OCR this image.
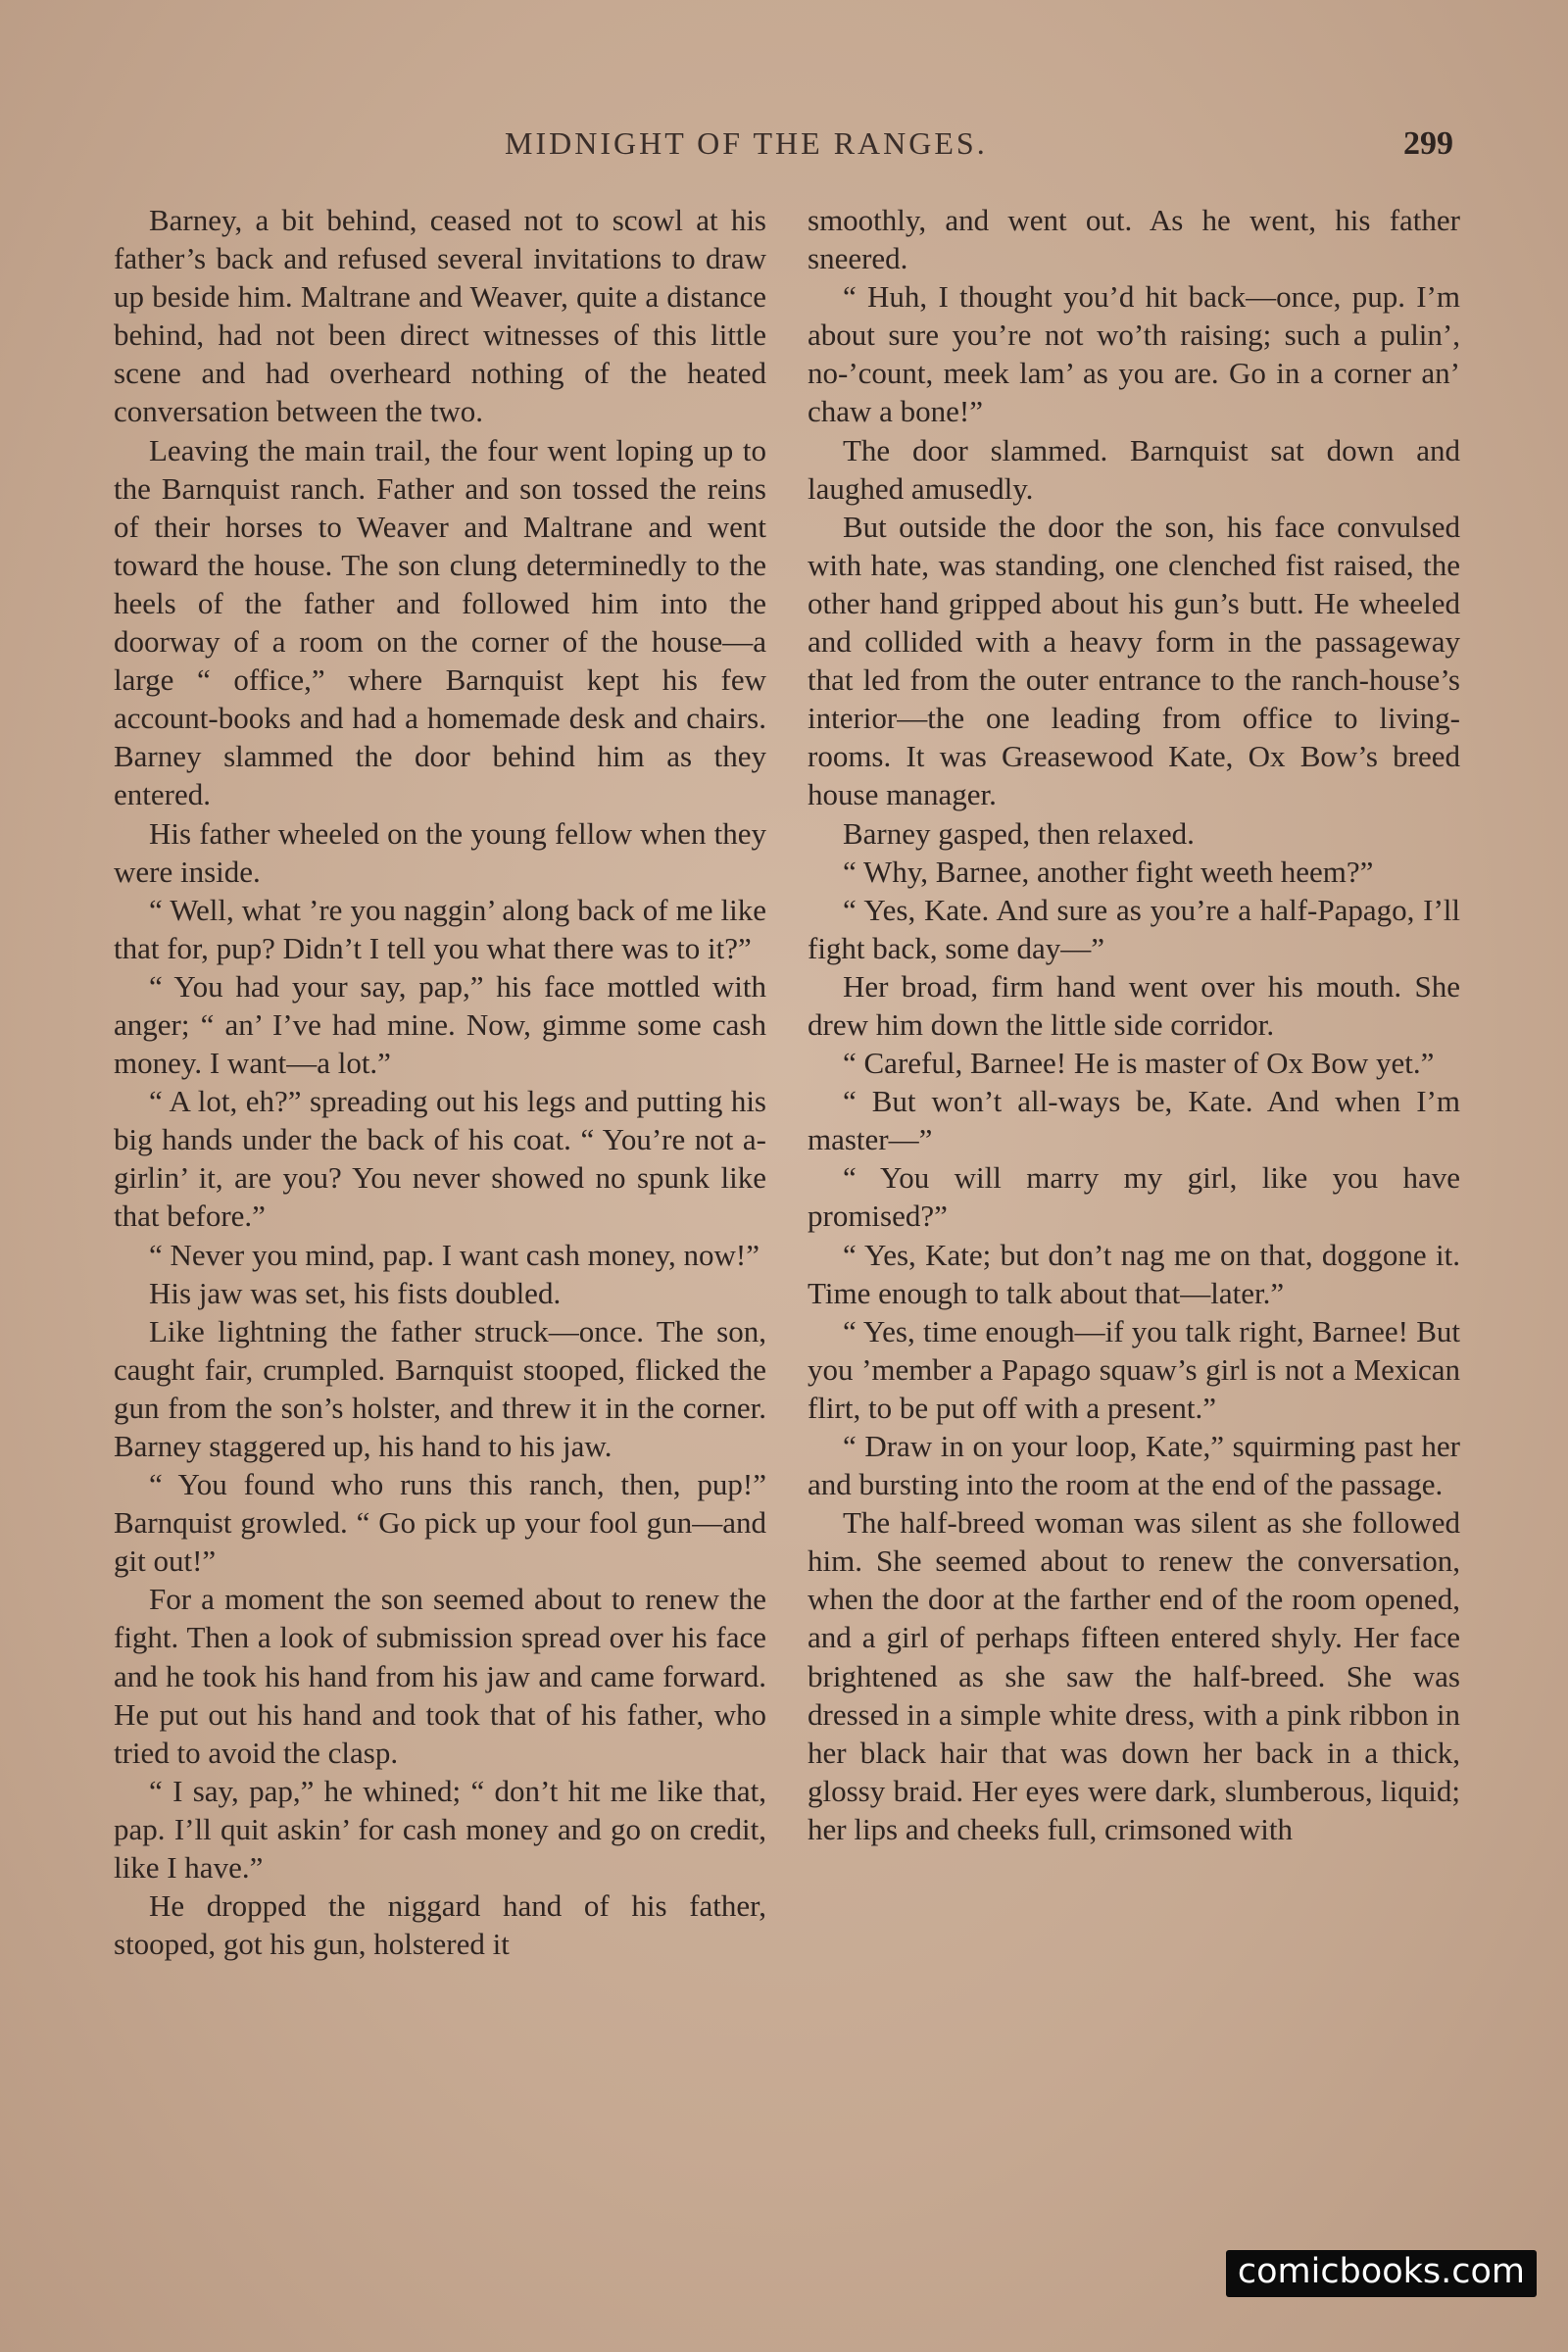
MIDNIGHT OF THE RANGES.	299

Barney, a bit behind, ceased not to scowl at his father’s back and refused several invitations to draw up beside him. Maltrane and Weaver, quite a distance behind, had not been direct witnesses of this little scene and had overheard nothing of the heated conversation between the two.

Leaving the main trail, the four went loping up to the Barnquist ranch. Father and son tossed the reins of their horses to Weaver and Maltrane and went toward the house. The son clung determinedly to the heels of the father and followed him into the doorway of a room on the corner of the house—a large “ office,” where Barnquist kept his few account-books and had a homemade desk and chairs. Barney slammed the door behind him as they entered.

His father wheeled on the young fellow when they were inside.

“ Well, what ’re you naggin’ along back of me like that for, pup? Didn’t I tell you what there was to it?”

“ You had your say, pap,” his face mottled with anger; “ an’ I’ve had mine. Now, gimme some cash money. I want—a lot.”

“ A lot, eh?” spreading out his legs and putting his big hands under the back of his coat. “ You’re not a-girlin’ it, are you? You never showed no spunk like that before.”

“ Never you mind, pap. I want cash money, now!”

His jaw was set, his fists doubled.

Like lightning the father struck—once. The son, caught fair, crumpled. Barnquist stooped, flicked the gun from the son’s holster, and threw it in the corner. Barney staggered up, his hand to his jaw.

“ You found who runs this ranch, then, pup!” Barnquist growled. “ Go pick up your fool gun—and git out!”

For a moment the son seemed about to renew the fight. Then a look of submission spread over his face and he took his hand from his jaw and came forward. He put out his hand and took that of his father, who tried to avoid the clasp.

“ I say, pap,” he whined; “ don’t hit me like that, pap. I’ll quit askin’ for cash money and go on credit, like I have.”

He dropped the niggard hand of his father, stooped, got his gun, holstered it

smoothly, and went out. As he went, his father sneered.

“ Huh, I thought you’d hit back—once, pup. I’m about sure you’re not wo’th raising; such a pulin’, no-’count, meek lam’ as you are. Go in a corner an’ chaw a bone!”

The door slammed. Barnquist sat down and laughed amusedly.

But outside the door the son, his face convulsed with hate, was standing, one clenched fist raised, the other hand gripped about his gun’s butt. He wheeled and collided with a heavy form in the passageway that led from the outer entrance to the ranch-house’s interior—the one leading from office to living-rooms. It was Greasewood Kate, Ox Bow’s breed house manager.

Barney gasped, then relaxed.

“ Why, Barnee, another fight weeth heem?”

“ Yes, Kate. And sure as you’re a half-Papago, I’ll fight back, some day—”

Her broad, firm hand went over his mouth. She drew him down the little side corridor.

“ Careful, Barnee! He is master of Ox Bow yet.”

“ But won’t all-ways be, Kate. And when I’m master—”

“ You will marry my girl, like you have promised?”

“ Yes, Kate; but don’t nag me on that, doggone it. Time enough to talk about that—later.”

“ Yes, time enough—if you talk right, Barnee! But you ’member a Papago squaw’s girl is not a Mexican flirt, to be put off with a present.”

“ Draw in on your loop, Kate,” squirming past her and bursting into the room at the end of the passage.

The half-breed woman was silent as she followed him. She seemed about to renew the conversation, when the door at the farther end of the room opened, and a girl of perhaps fifteen entered shyly. Her face brightened as she saw the half-breed. She was dressed in a simple white dress, with a pink ribbon in her black hair that was down her back in a thick, glossy braid. Her eyes were dark, slumberous, liquid; her lips and cheeks full, crimsoned with

comicbooks.com
